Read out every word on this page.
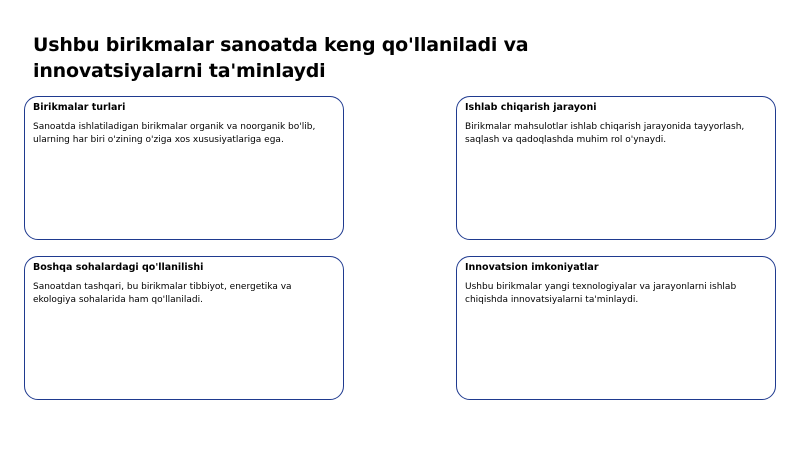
Ushbu birikmalar sanoatda keng qo'llaniladi va innovatsiyalarni ta'minlaydi
Birikmalar turlari
Sanoatda ishlatiladigan birikmalar organik va noorganik bo'lib, ularning har biri o'zining o'ziga xos xususiyatlariga ega.
Ishlab chiqarish jarayoni
Birikmalar mahsulotlar ishlab chiqarish jarayonida tayyorlash, saqlash va qadoqlashda muhim rol o'ynaydi.
Boshqa sohalardagi qo'llanilishi
Sanoatdan tashqari, bu birikmalar tibbiyot, energetika va ekologiya sohalarida ham qo'llaniladi.
Innovatsion imkoniyatlar
Ushbu birikmalar yangi texnologiyalar va jarayonlarni ishlab chiqishda innovatsiyalarni ta'minlaydi.
